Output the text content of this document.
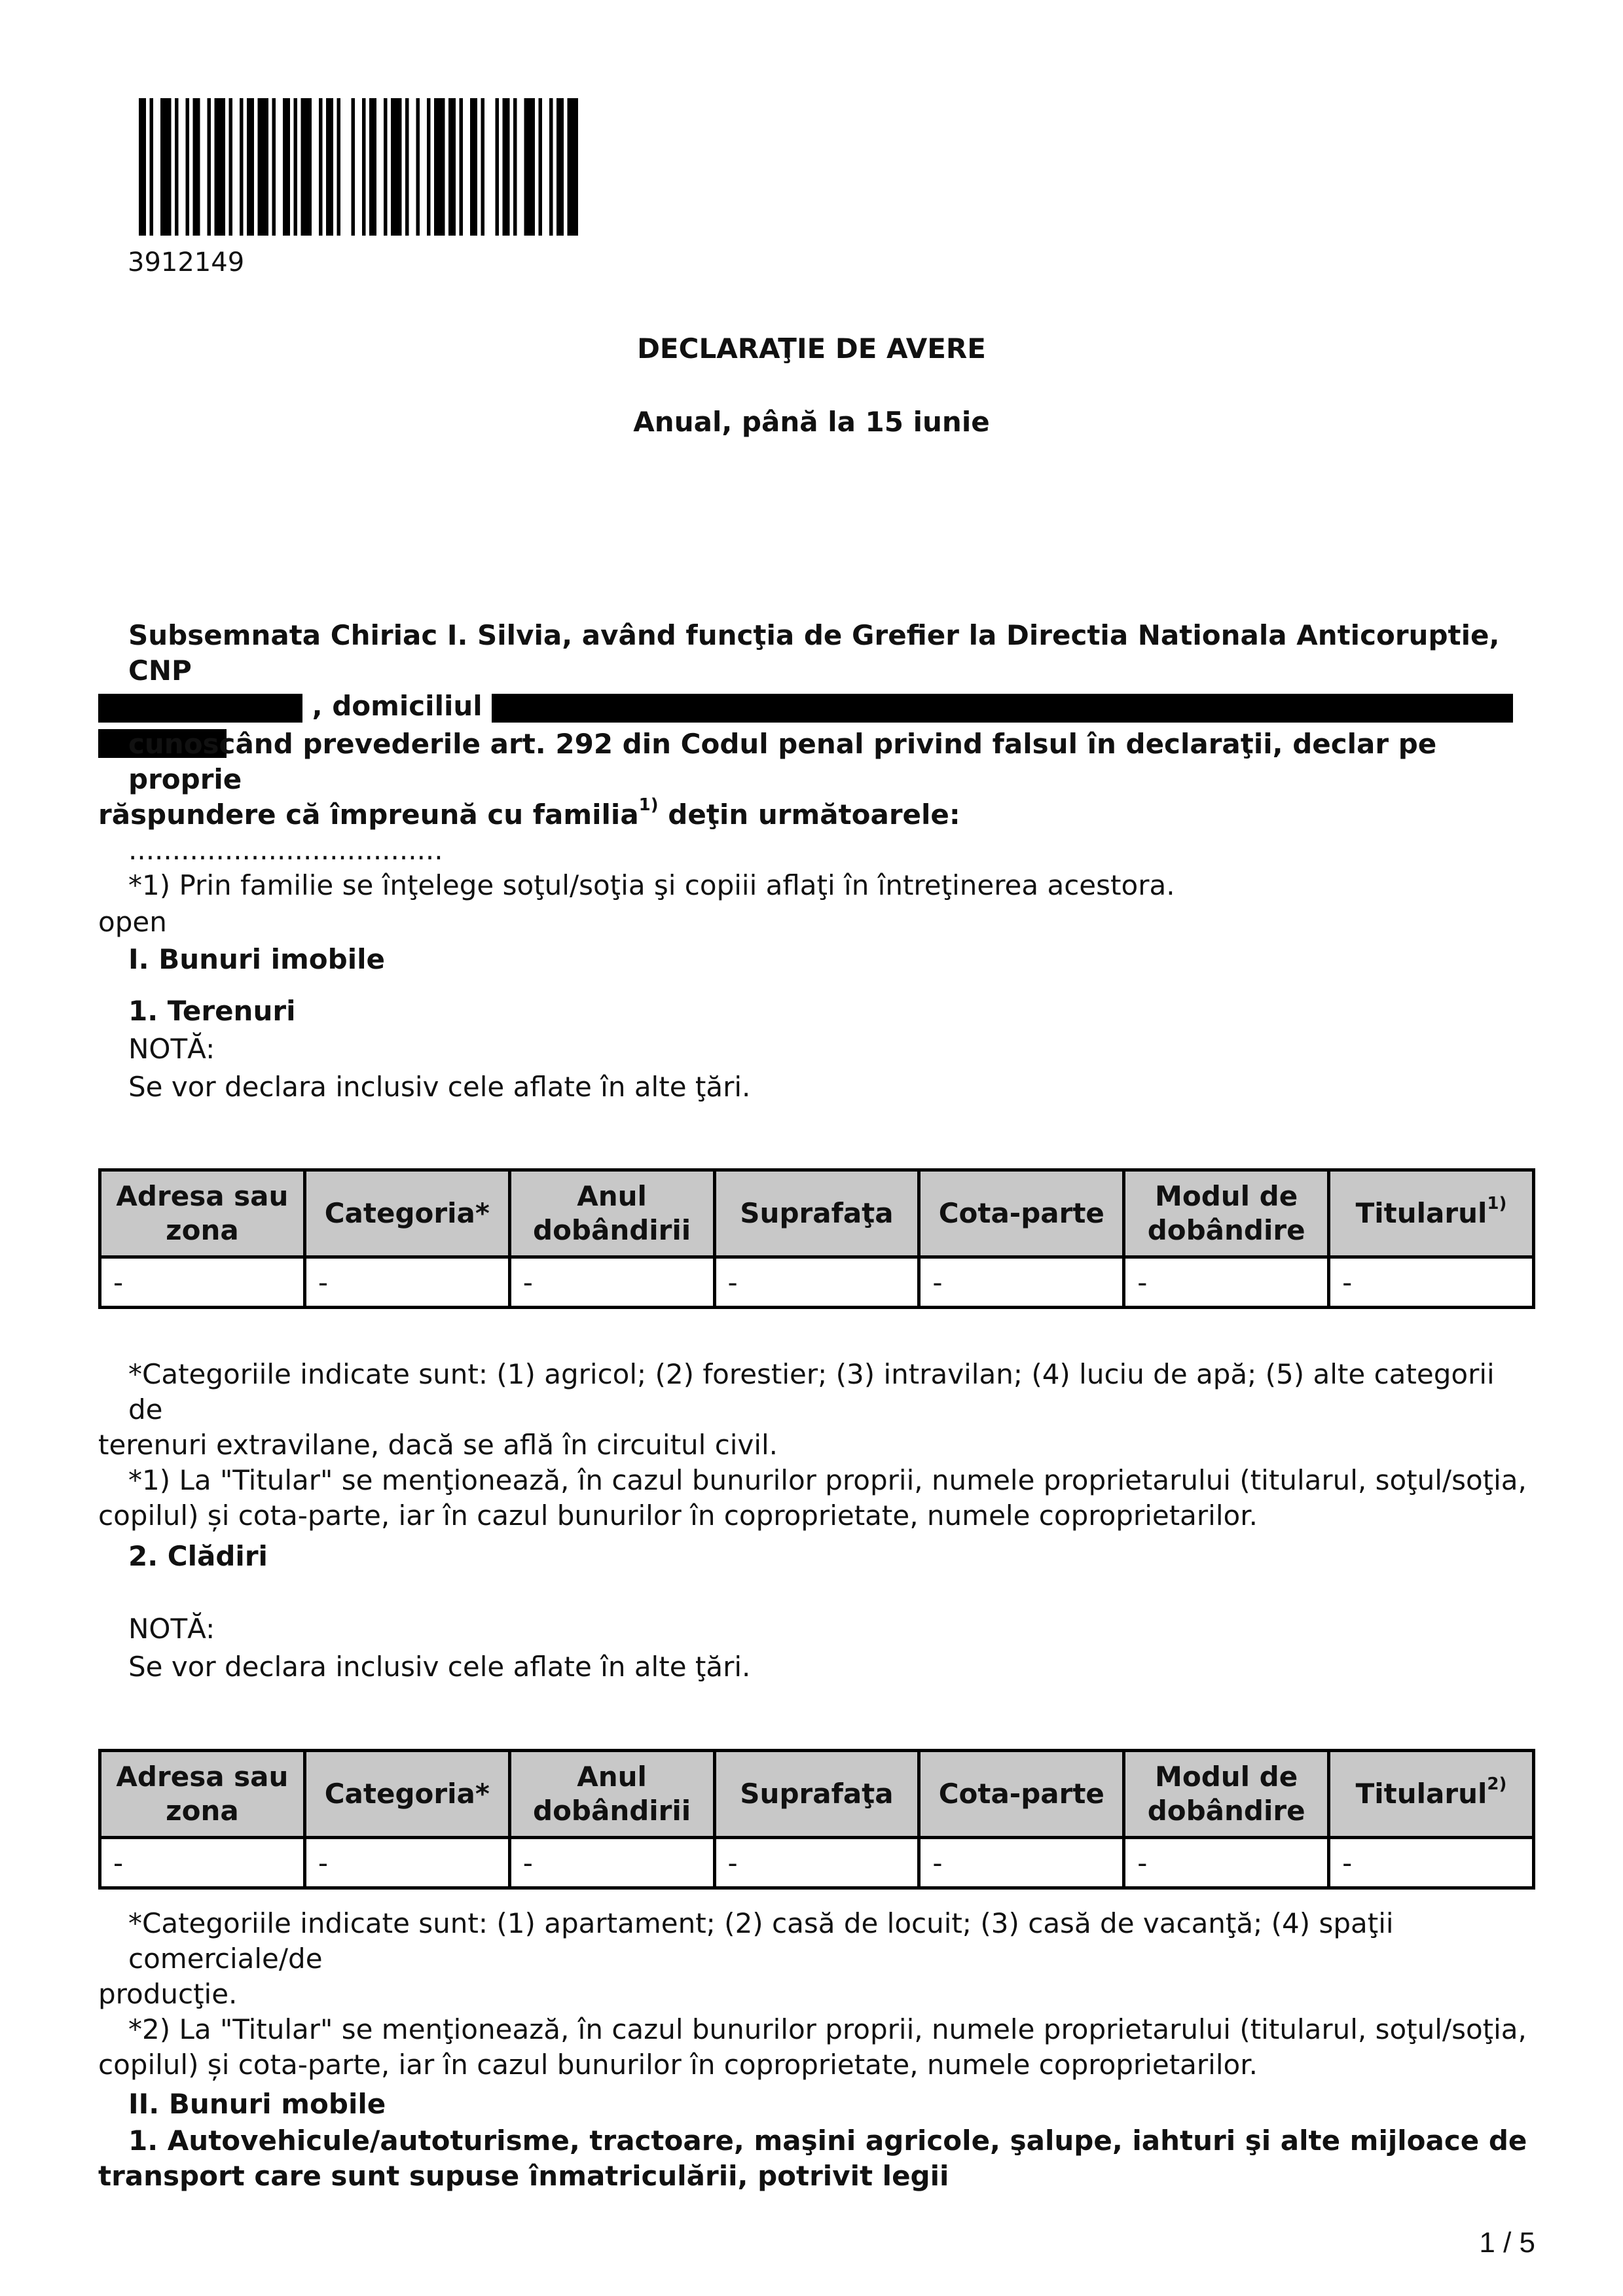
3912149
DECLARAŢIE DE AVERE
Anual, până la 15 iunie
Subsemnata Chiriac I. Silvia, având funcţia de Grefier la Directia Nationala Anticoruptie, CNP
, domiciliul
cunoscând prevederile art. 292 din Codul penal privind falsul în declaraţii, declar pe proprie
răspundere că împreună cu familia$^{1)}$ deţin următoarele:
....................................
*1) Prin familie se înţelege soţul/soţia şi copiii aflaţi în întreţinerea acestora.
open
I. Bunuri imobile
1. Terenuri
NOTĂ:
Se vor declara inclusiv cele aflate în alte ţări.
Adresa sau zona	Categoria*	Anul dobândirii	Suprafaţa	Cota-parte	Modul de dobândire	Titularul$^{1)}$
-	-	-	-	-	-	-
*Categoriile indicate sunt: (1) agricol; (2) forestier; (3) intravilan; (4) luciu de apă; (5) alte categorii de
terenuri extravilane, dacă se află în circuitul civil.
*1) La "Titular" se menţionează, în cazul bunurilor proprii, numele proprietarului (titularul, soţul/soţia,
copilul) și cota-parte, iar în cazul bunurilor în coproprietate, numele coproprietarilor.
2. Clădiri
NOTĂ:
Se vor declara inclusiv cele aflate în alte ţări.
Adresa sau zona	Categoria*	Anul dobândirii	Suprafaţa	Cota-parte	Modul de dobândire	Titularul$^{2)}$
-	-	-	-	-	-	-
*Categoriile indicate sunt: (1) apartament; (2) casă de locuit; (3) casă de vacanţă; (4) spaţii comerciale/de
producţie.
*2) La "Titular" se menţionează, în cazul bunurilor proprii, numele proprietarului (titularul, soţul/soţia,
copilul) și cota-parte, iar în cazul bunurilor în coproprietate, numele coproprietarilor.
II. Bunuri mobile
1. Autovehicule/autoturisme, tractoare, maşini agricole, şalupe, iahturi şi alte mijloace de
transport care sunt supuse înmatriculării, potrivit legii
1 / 5
